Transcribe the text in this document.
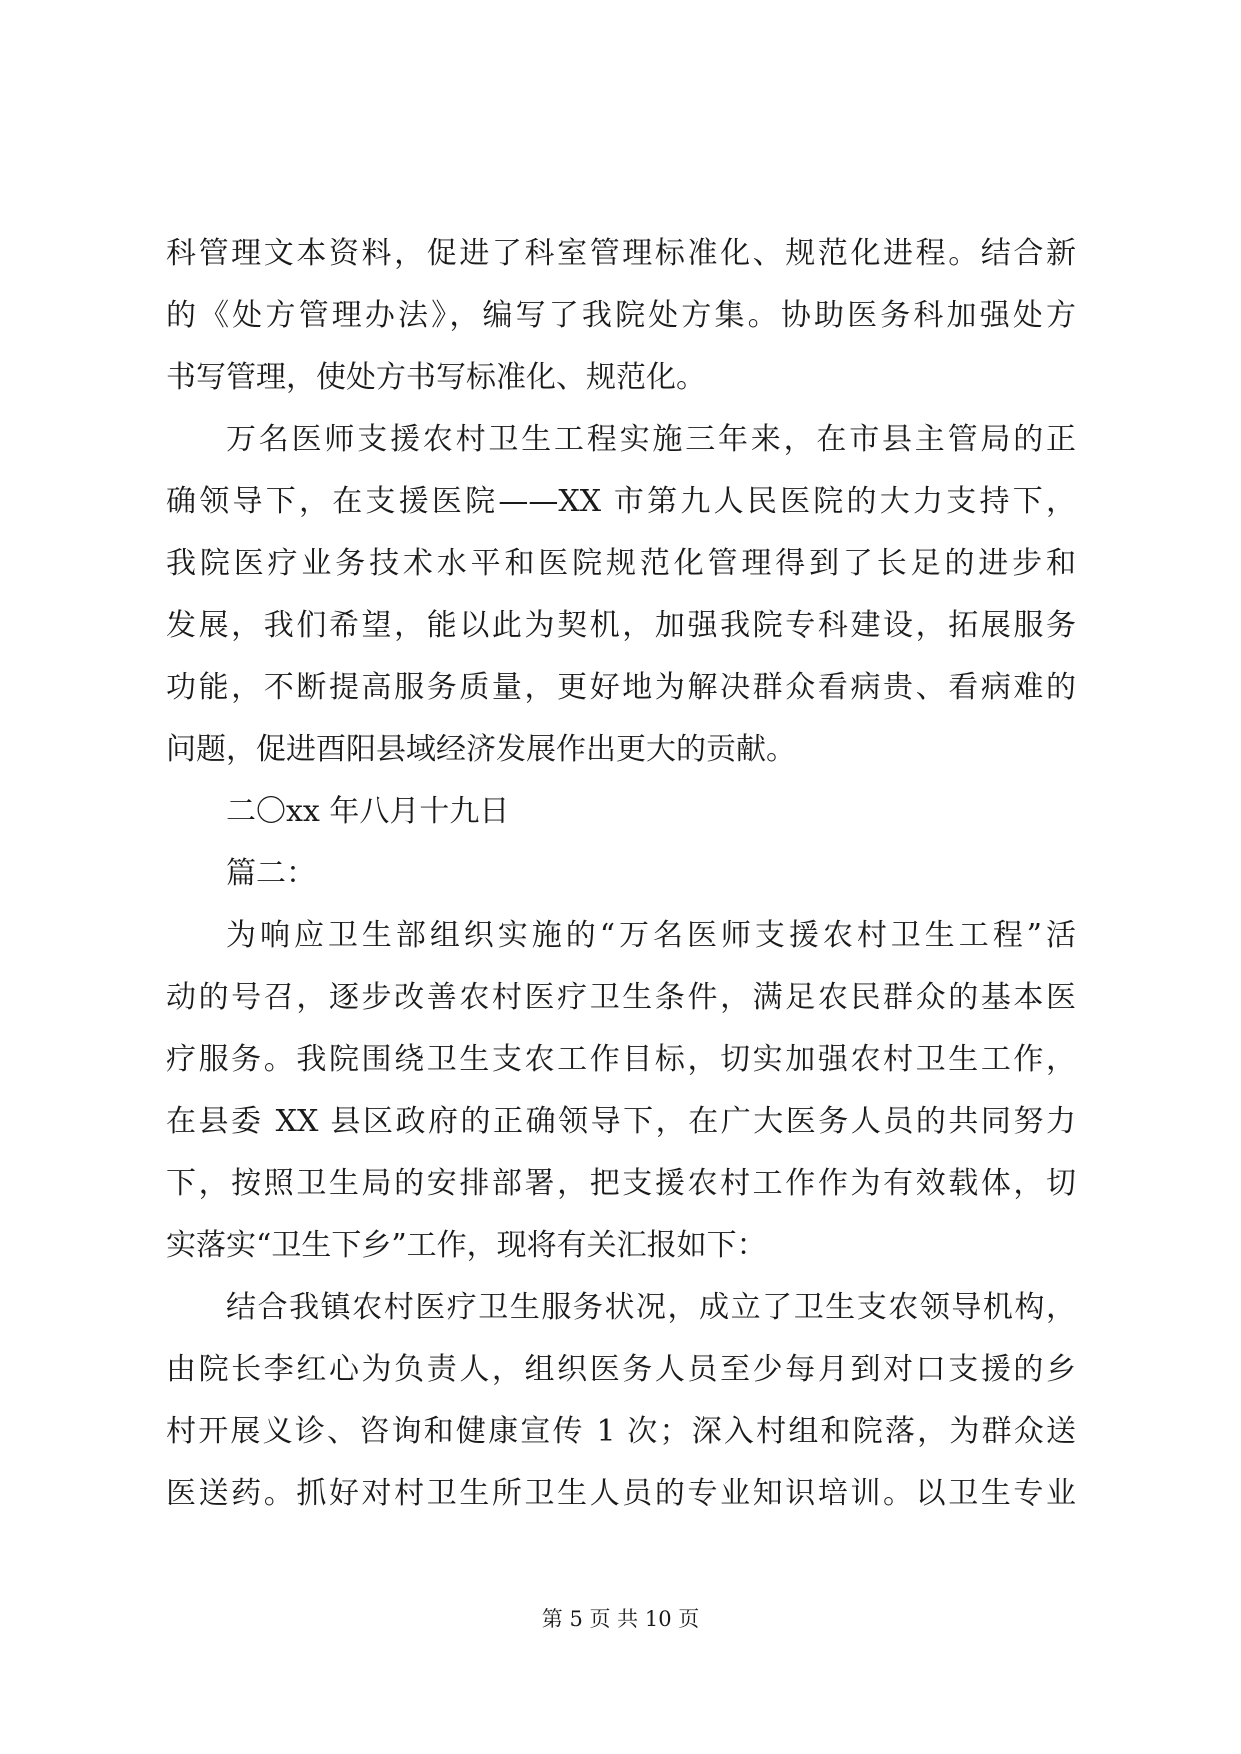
科管理文本资料，促进了科室管理标准化、规范化进程。结合新
的《处方管理办法》，编写了我院处方集。协助医务科加强处方
书写管理，使处方书写标准化、规范化。
万名医师支援农村卫生工程实施三年来，在市县主管局的正
确领导下，在支援医院——XX 市第九人民医院的大力支持下，
我院医疗业务技术水平和医院规范化管理得到了长足的进步和
发展，我们希望，能以此为契机，加强我院专科建设，拓展服务
功能，不断提高服务质量，更好地为解决群众看病贵、看病难的
问题，促进酉阳县域经济发展作出更大的贡献。
二〇xx 年八月十九日
篇二：
为响应卫生部组织实施的“万名医师支援农村卫生工程”活
动的号召，逐步改善农村医疗卫生条件，满足农民群众的基本医
疗服务。我院围绕卫生支农工作目标，切实加强农村卫生工作，
在县委 XX 县区政府的正确领导下，在广大医务人员的共同努力
下，按照卫生局的安排部署，把支援农村工作作为有效载体，切
实落实“卫生下乡”工作，现将有关汇报如下：
结合我镇农村医疗卫生服务状况，成立了卫生支农领导机构，
由院长李红心为负责人，组织医务人员至少每月到对口支援的乡
村开展义诊、咨询和健康宣传 1 次；深入村组和院落，为群众送
医送药。抓好对村卫生所卫生人员的专业知识培训。以卫生专业
第 5 页 共 10 页
